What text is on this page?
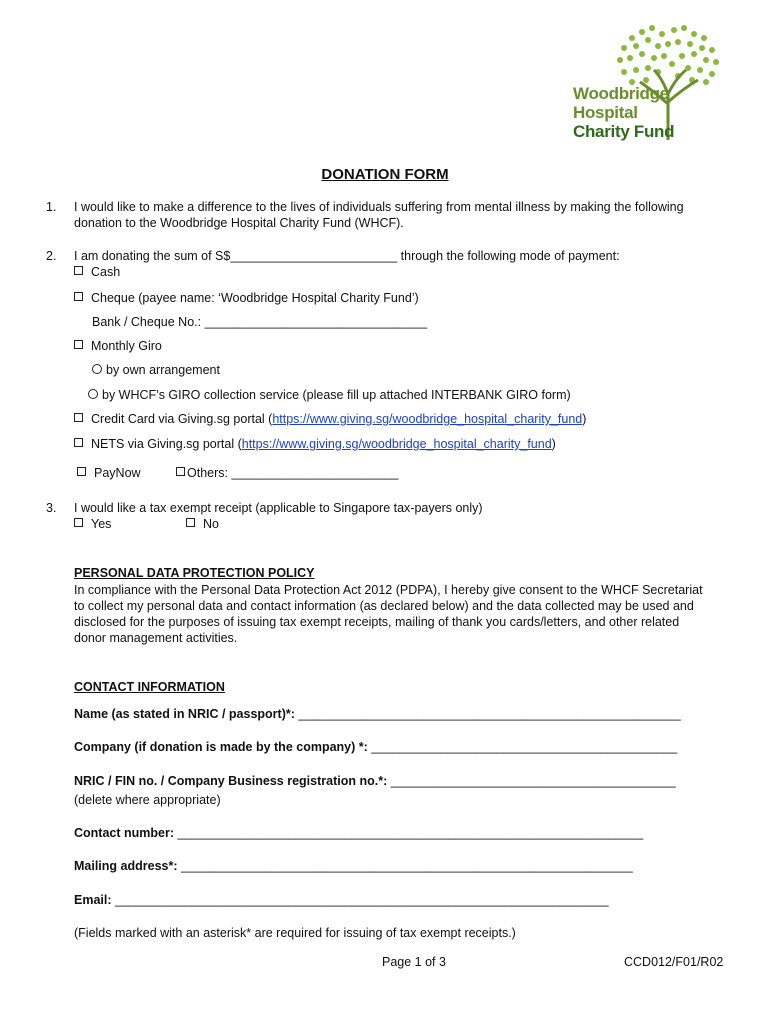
Woodbridge
Hospital
Charity Fund
DONATION FORM
1. I would like to make a difference to the lives of individuals suffering from mental illness by making the following
donation to the Woodbridge Hospital Charity Fund (WHCF).
2. I am donating the sum of S$________________________ through the following mode of payment:
Cash
Cheque (payee name: ‘Woodbridge Hospital Charity Fund’)
Bank / Cheque No.: ________________________________
Monthly Giro
by own arrangement
by WHCF’s GIRO collection service (please fill up attached INTERBANK GIRO form)
Credit Card via Giving.sg portal (https://www.giving.sg/woodbridge_hospital_charity_fund)
NETS via Giving.sg portal (https://www.giving.sg/woodbridge_hospital_charity_fund)
PayNow	Others: ________________________
3. I would like a tax exempt receipt (applicable to Singapore tax-payers only)
Yes	No
PERSONAL DATA PROTECTION POLICY
In compliance with the Personal Data Protection Act 2012 (PDPA), I hereby give consent to the WHCF Secretariat
to collect my personal data and contact information (as declared below) and the data collected may be used and
disclosed for the purposes of issuing tax exempt receipts, mailing of thank you cards/letters, and other related
donor management activities.
CONTACT INFORMATION
Name (as stated in NRIC / passport)*: _______________________________________________________
Company (if donation is made by the company) *: ____________________________________________
NRIC / FIN no. / Company Business registration no.*: _________________________________________
(delete where appropriate)
Contact number: ___________________________________________________________________
Mailing address*: _________________________________________________________________
Email: _______________________________________________________________________
(Fields marked with an asterisk* are required for issuing of tax exempt receipts.)
Page 1 of 3	CCD012/F01/R02
